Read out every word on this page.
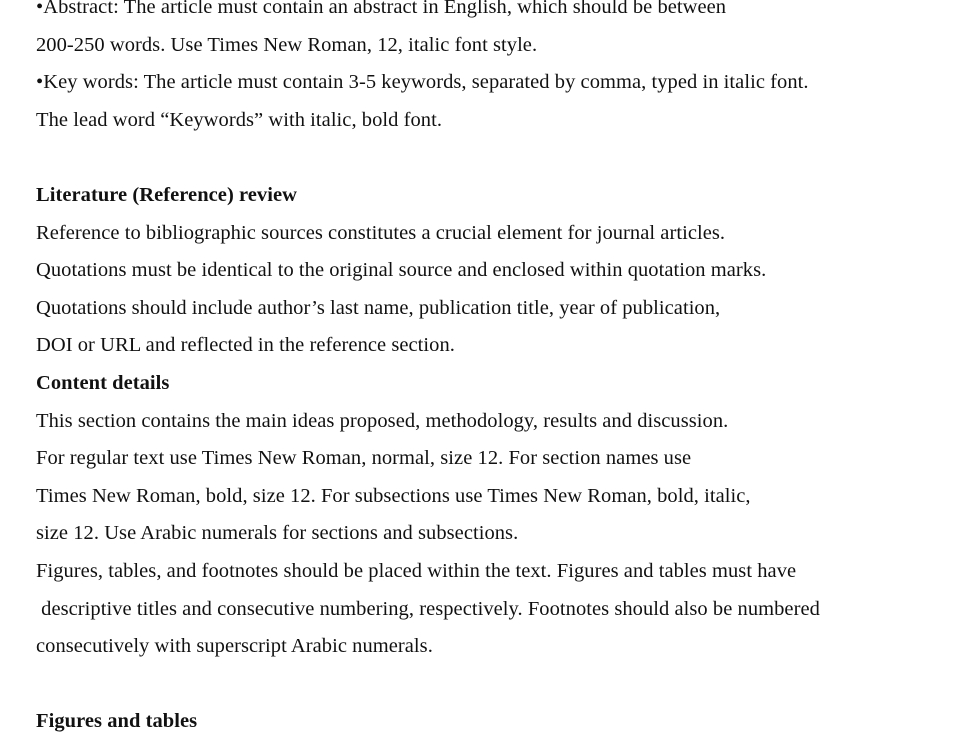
•Abstract: The article must contain an abstract in English, which should be between
200-250 words. Use Times New Roman, 12, italic font style.
•Key words: The article must contain 3-5 keywords, separated by comma, typed in italic font.
The lead word “Keywords” with italic, bold font.
Literature (Reference) review
Reference to bibliographic sources constitutes a crucial element for journal articles.
Quotations must be identical to the original source and enclosed within quotation marks.
Quotations should include author’s last name, publication title, year of publication,
DOI or URL and reflected in the reference section.
Content details
This section contains the main ideas proposed, methodology, results and discussion.
For regular text use Times New Roman, normal, size 12. For section names use
Times New Roman, bold, size 12. For subsections use Times New Roman, bold, italic,
size 12. Use Arabic numerals for sections and subsections.
Figures, tables, and footnotes should be placed within the text. Figures and tables must have
descriptive titles and consecutive numbering, respectively. Footnotes should also be numbered
consecutively with superscript Arabic numerals.
Figures and tables
